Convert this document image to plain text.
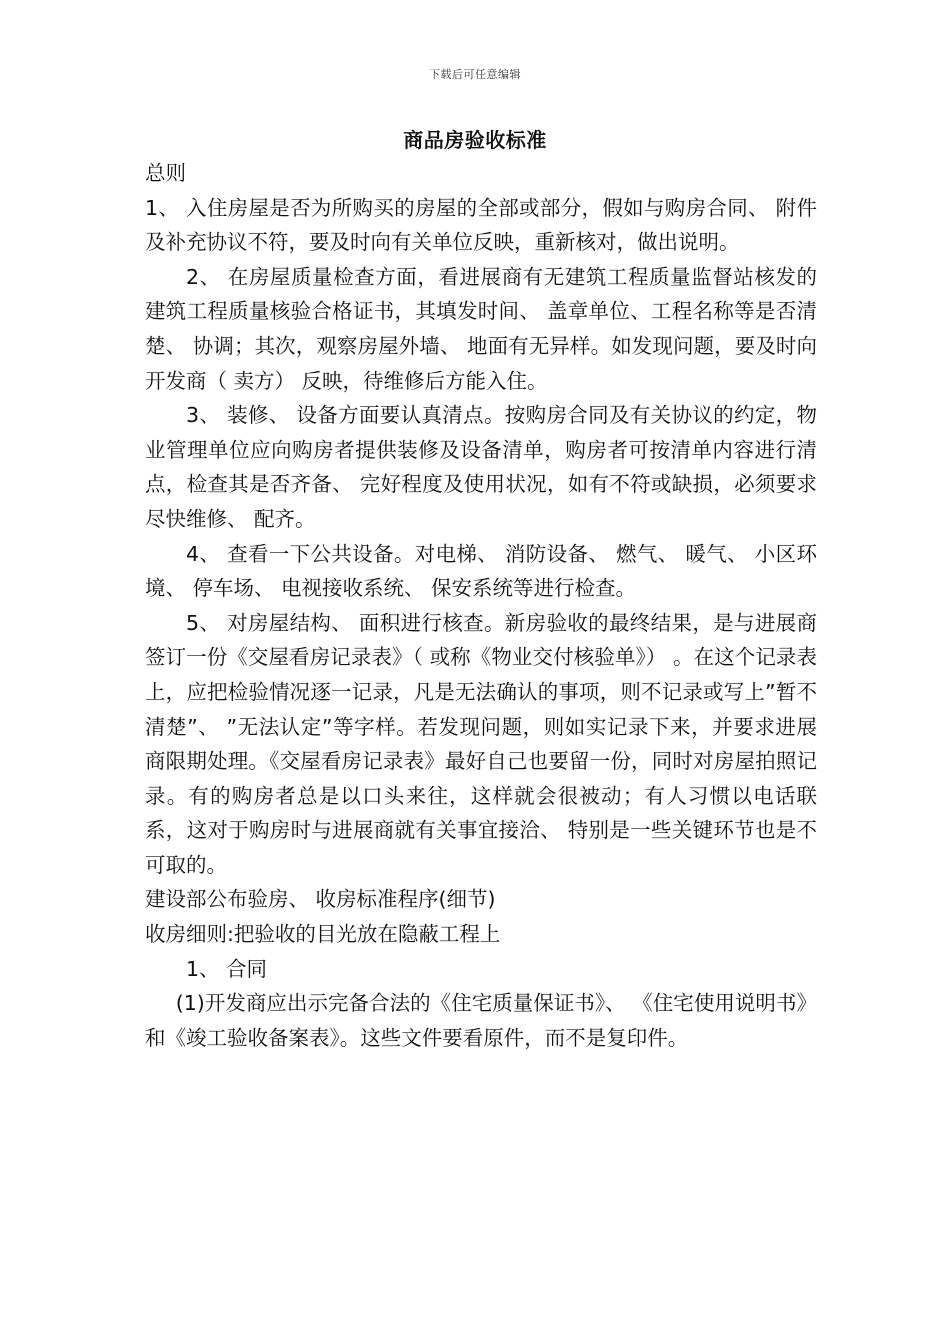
下载后可任意编辑
商品房验收标准

总则

1、 入住房屋是否为所购买的房屋的全部或部分，假如与购房合同、 附件及补充协议不符，要及时向有关单位反映，重新核对，做出说明。

2、 在房屋质量检查方面，看进展商有无建筑工程质量监督站核发的建筑工程质量核验合格证书，其填发时间、 盖章单位、工程名称等是否清楚、 协调；其次，观察房屋外墙、 地面有无异样。如发现问题，要及时向开发商（ 卖方） 反映，待维修后方能入住。

3、 装修、 设备方面要认真清点。按购房合同及有关协议的约定，物业管理单位应向购房者提供装修及设备清单，购房者可按清单内容进行清点，检查其是否齐备、 完好程度及使用状况，如有不符或缺损，必须要求尽快维修、 配齐。

4、 查看一下公共设备。对电梯、 消防设备、 燃气、 暖气、 小区环境、 停车场、 电视接收系统、 保安系统等进行检查。

5、 对房屋结构、 面积进行核查。新房验收的最终结果，是与进展商签订一份《交屋看房记录表》（ 或称《物业交付核验单》） 。在这个记录表上，应把检验情况逐一记录，凡是无法确认的事项，则不记录或写上”暂不清楚”、 ”无法认定”等字样。若发现问题，则如实记录下来，并要求进展商限期处理。《交屋看房记录表》最好自己也要留一份，同时对房屋拍照记录。有的购房者总是以口头来往，这样就会很被动；有人习惯以电话联系，这对于购房时与进展商就有关事宜接洽、 特别是一些关键环节也是不可取的。

建设部公布验房、 收房标准程序(细节)

收房细则:把验收的目光放在隐蔽工程上

1、 合同

(1)开发商应出示完备合法的《住宅质量保证书》、 《住宅使用说明书》和《竣工验收备案表》。这些文件要看原件，而不是复印件。
